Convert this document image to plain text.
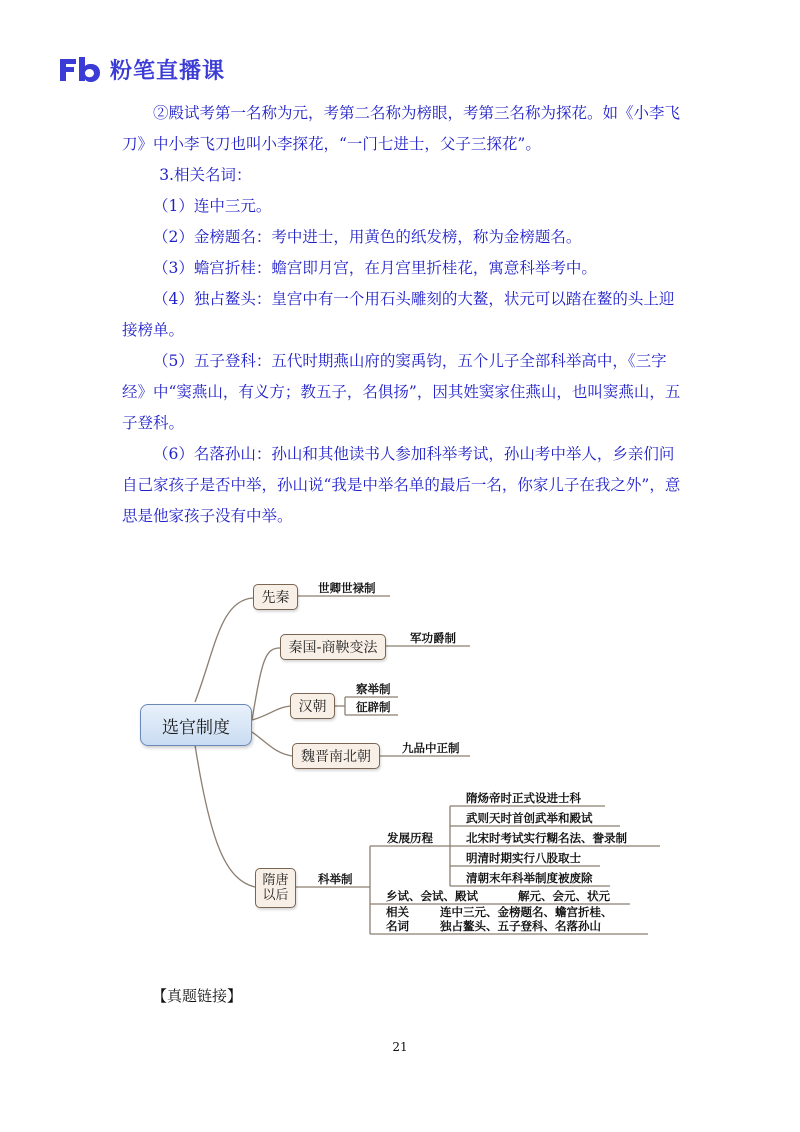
粉笔直播课

②殿试考第一名称为元，考第二名称为榜眼，考第三名称为探花。如《小李飞刀》中小李飞刀也叫小李探花，“一门七进士，父子三探花”。

3.相关名词：

（1）连中三元。

（2）金榜题名：考中进士，用黄色的纸发榜，称为金榜题名。

（3）蟾宫折桂：蟾宫即月宫，在月宫里折桂花，寓意科举考中。

（4）独占鳌头：皇宫中有一个用石头雕刻的大鳌，状元可以踏在鳌的头上迎接榜单。

（5）五子登科：五代时期燕山府的窦禹钧，五个儿子全部科举高中，《三字经》中“窦燕山，有义方；教五子，名俱扬”，因其姓窦家住燕山，也叫窦燕山，五子登科。

（6）名落孙山：孙山和其他读书人参加科举考试，孙山考中举人，乡亲们问自己家孩子是否中举，孙山说“我是中举名单的最后一名，你家儿子在我之外”，意思是他家孩子没有中举。

选官制度
先秦
世卿世禄制
秦国-商鞅变法
军功爵制
汉朝
察举制
征辟制
魏晋南北朝
九品中正制
隋唐以后
科举制
发展历程
隋炀帝时正式设进士科
武则天时首创武举和殿试
北宋时考试实行糊名法、誊录制
明清时期实行八股取士
清朝末年科举制度被废除
乡试、会试、殿试	解元、会元、状元
相关
名词
连中三元、金榜题名、蟾宫折桂、
独占鳌头、五子登科、名落孙山
【真题链接】
21
